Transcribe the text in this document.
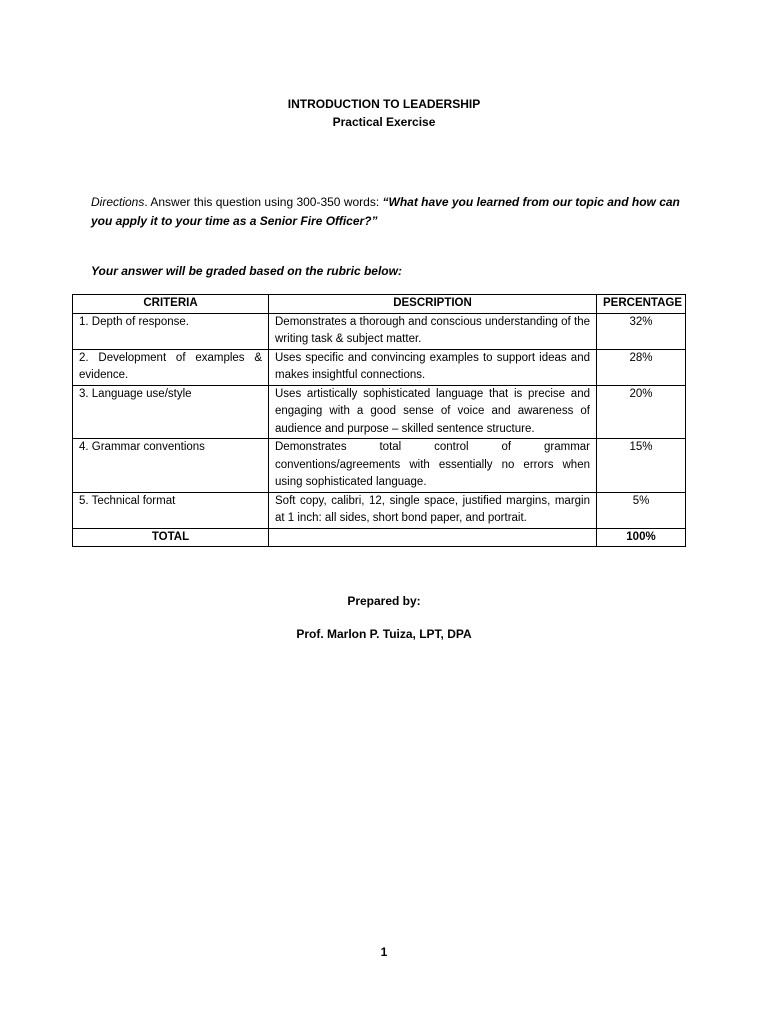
INTRODUCTION TO LEADERSHIP
Practical Exercise
Directions. Answer this question using 300-350 words: “What have you learned from our topic and how can you apply it to your time as a Senior Fire Officer?”
Your answer will be graded based on the rubric below:
CRITERIA	DESCRIPTION	PERCENTAGE
1. Depth of response.	Demonstrates a thorough and conscious understanding of the writing task & subject matter.	32%
2. Development of examples & evidence.	Uses specific and convincing examples to support ideas and makes insightful connections.	28%
3. Language use/style	Uses artistically sophisticated language that is precise and engaging with a good sense of voice and awareness of audience and purpose – skilled sentence structure.	20%
4. Grammar conventions	Demonstrates total control of grammar conventions/agreements with essentially no errors when using sophisticated language.	15%
5. Technical format	Soft copy, calibri, 12, single space, justified margins, margin at 1 inch: all sides, short bond paper, and portrait.	5%
TOTAL		100%
Prepared by:
Prof. Marlon P. Tuiza, LPT, DPA
1
